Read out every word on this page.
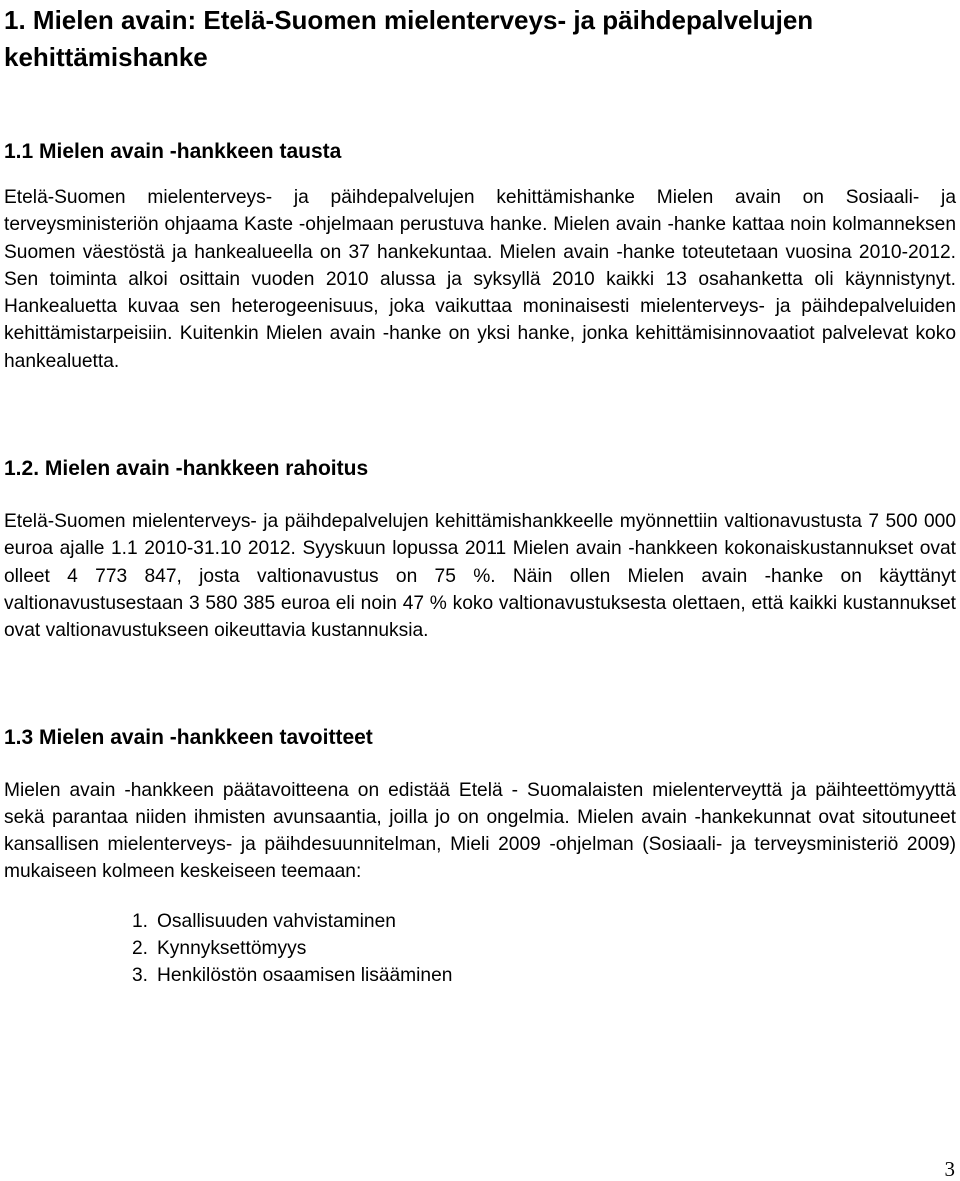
1. Mielen avain: Etelä-Suomen mielenterveys- ja päihdepalvelujen kehittämishanke
1.1 Mielen avain -hankkeen tausta

Etelä-Suomen mielenterveys- ja päihdepalvelujen kehittämishanke Mielen avain on Sosiaali- ja terveysministeriön ohjaama Kaste -ohjelmaan perustuva hanke. Mielen avain -hanke kattaa noin kolmanneksen Suomen väestöstä ja hankealueella on 37 hankekuntaa. Mielen avain -hanke toteutetaan vuosina 2010-2012. Sen toiminta alkoi osittain vuoden 2010 alussa ja syksyllä 2010 kaikki 13 osahanketta oli käynnistynyt. Hankealuetta kuvaa sen heterogeenisuus, joka vaikuttaa moninaisesti mielenterveys- ja päihdepalveluiden kehittämistarpeisiin. Kuitenkin Mielen avain -hanke on yksi hanke, jonka kehittämisinnovaatiot palvelevat koko hankealuetta.

1.2. Mielen avain -hankkeen rahoitus

Etelä-Suomen mielenterveys- ja päihdepalvelujen kehittämishankkeelle myönnettiin valtionavustusta 7 500 000 euroa ajalle 1.1 2010-31.10 2012. Syyskuun lopussa 2011 Mielen avain -hankkeen kokonaiskustannukset ovat olleet 4 773 847, josta valtionavustus on 75 %. Näin ollen Mielen avain -hanke on käyttänyt valtionavustusestaan 3 580 385 euroa eli noin 47 % koko valtionavustuksesta olettaen, että kaikki kustannukset ovat valtionavustukseen oikeuttavia kustannuksia.

1.3 Mielen avain -hankkeen tavoitteet

Mielen avain -hankkeen päätavoitteena on edistää Etelä - Suomalaisten mielenterveyttä ja päihteettömyyttä sekä parantaa niiden ihmisten avunsaantia, joilla jo on ongelmia. Mielen avain -hankekunnat ovat sitoutuneet kansallisen mielenterveys- ja päihdesuunnitelman, Mieli 2009 -ohjelman (Sosiaali- ja terveysministeriö 2009) mukaiseen kolmeen keskeiseen teemaan:

1. Osallisuuden vahvistaminen
2. Kynnyksettömyys
3. Henkilöstön osaamisen lisääminen
3
